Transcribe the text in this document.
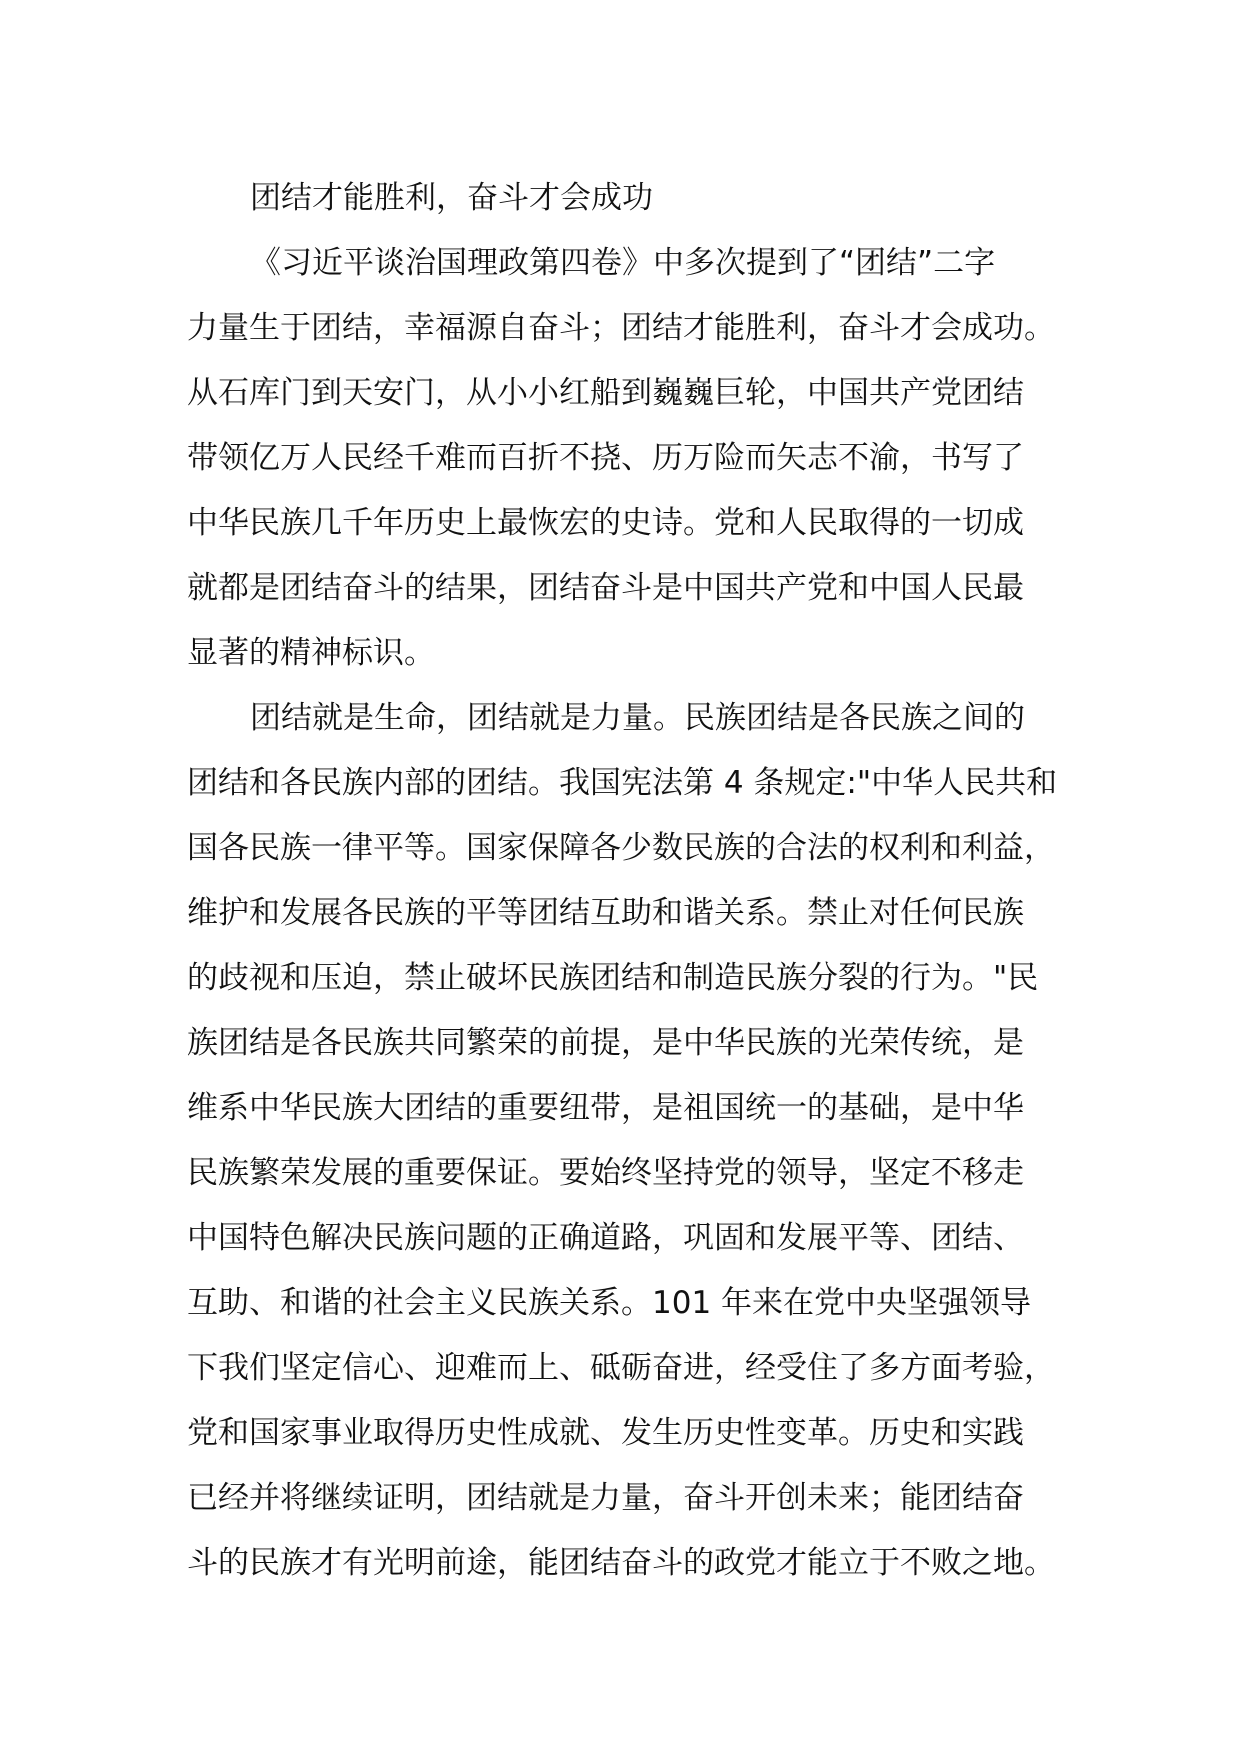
团结才能胜利，奋斗才会成功
《习近平谈治国理政第四卷》中多次提到了“团结”二字
力量生于团结，幸福源自奋斗；团结才能胜利，奋斗才会成功。
从石库门到天安门，从小小红船到巍巍巨轮，中国共产党团结
带领亿万人民经千难而百折不挠、历万险而矢志不渝，书写了
中华民族几千年历史上最恢宏的史诗。党和人民取得的一切成
就都是团结奋斗的结果，团结奋斗是中国共产党和中国人民最
显著的精神标识。
团结就是生命，团结就是力量。民族团结是各民族之间的
团结和各民族内部的团结。我国宪法第 4 条规定:"中华人民共和
国各民族一律平等。国家保障各少数民族的合法的权利和利益，
维护和发展各民族的平等团结互助和谐关系。禁止对任何民族
的歧视和压迫，禁止破坏民族团结和制造民族分裂的行为。"民
族团结是各民族共同繁荣的前提，是中华民族的光荣传统，是
维系中华民族大团结的重要纽带，是祖国统一的基础，是中华
民族繁荣发展的重要保证。要始终坚持党的领导，坚定不移走
中国特色解决民族问题的正确道路，巩固和发展平等、团结、
互助、和谐的社会主义民族关系。101 年来在党中央坚强领导
下我们坚定信心、迎难而上、砥砺奋进，经受住了多方面考验，
党和国家事业取得历史性成就、发生历史性变革。历史和实践
已经并将继续证明，团结就是力量，奋斗开创未来；能团结奋
斗的民族才有光明前途，能团结奋斗的政党才能立于不败之地。
